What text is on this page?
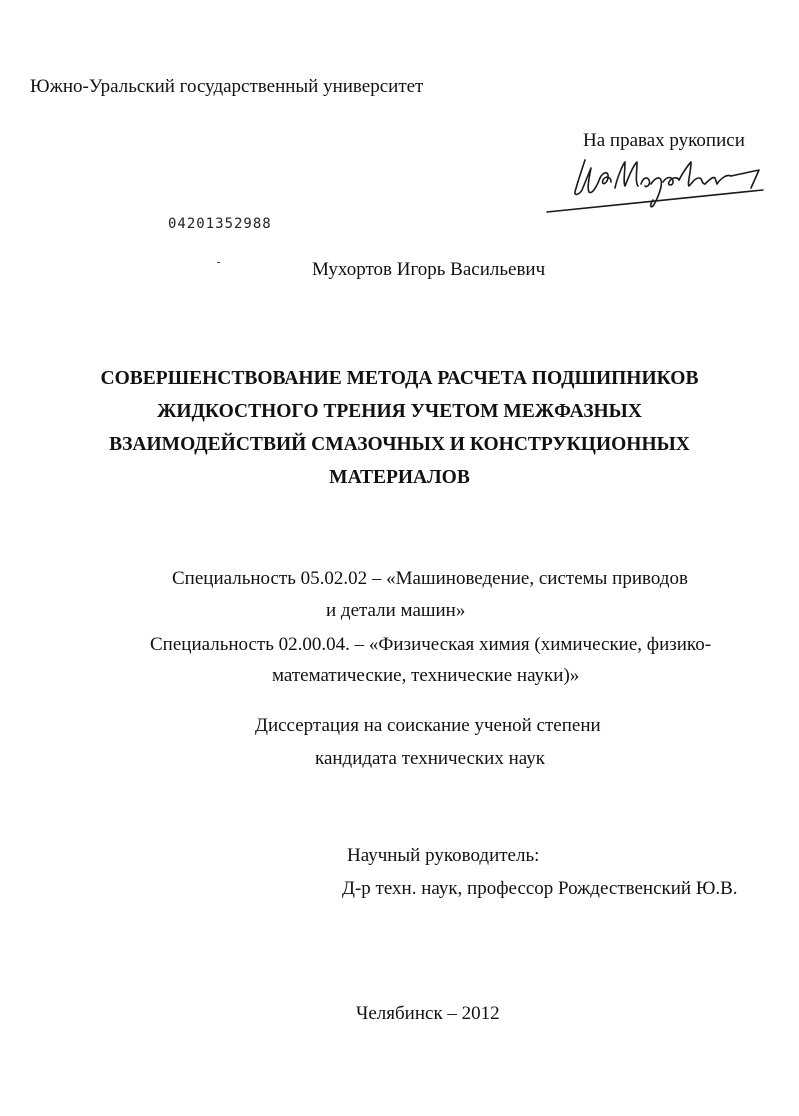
Южно-Уральский государственный университет
На правах рукописи
04201352988
Мухортов Игорь Васильевич
СОВЕРШЕНСТВОВАНИЕ МЕТОДА РАСЧЕТА ПОДШИПНИКОВ
ЖИДКОСТНОГО ТРЕНИЯ УЧЕТОМ МЕЖФАЗНЫХ
ВЗАИМОДЕЙСТВИЙ СМАЗОЧНЫХ И КОНСТРУКЦИОННЫХ
МАТЕРИАЛОВ
Специальность 05.02.02 – «Машиноведение, системы приводов
и детали машин»
Специальность 02.00.04. – «Физическая химия (химические, физико-
математические, технические науки)»
Диссертация на соискание ученой степени
кандидата технических наук
Научный руководитель:
Д-р техн. наук, профессор Рождественский Ю.В.
Челябинск – 2012
